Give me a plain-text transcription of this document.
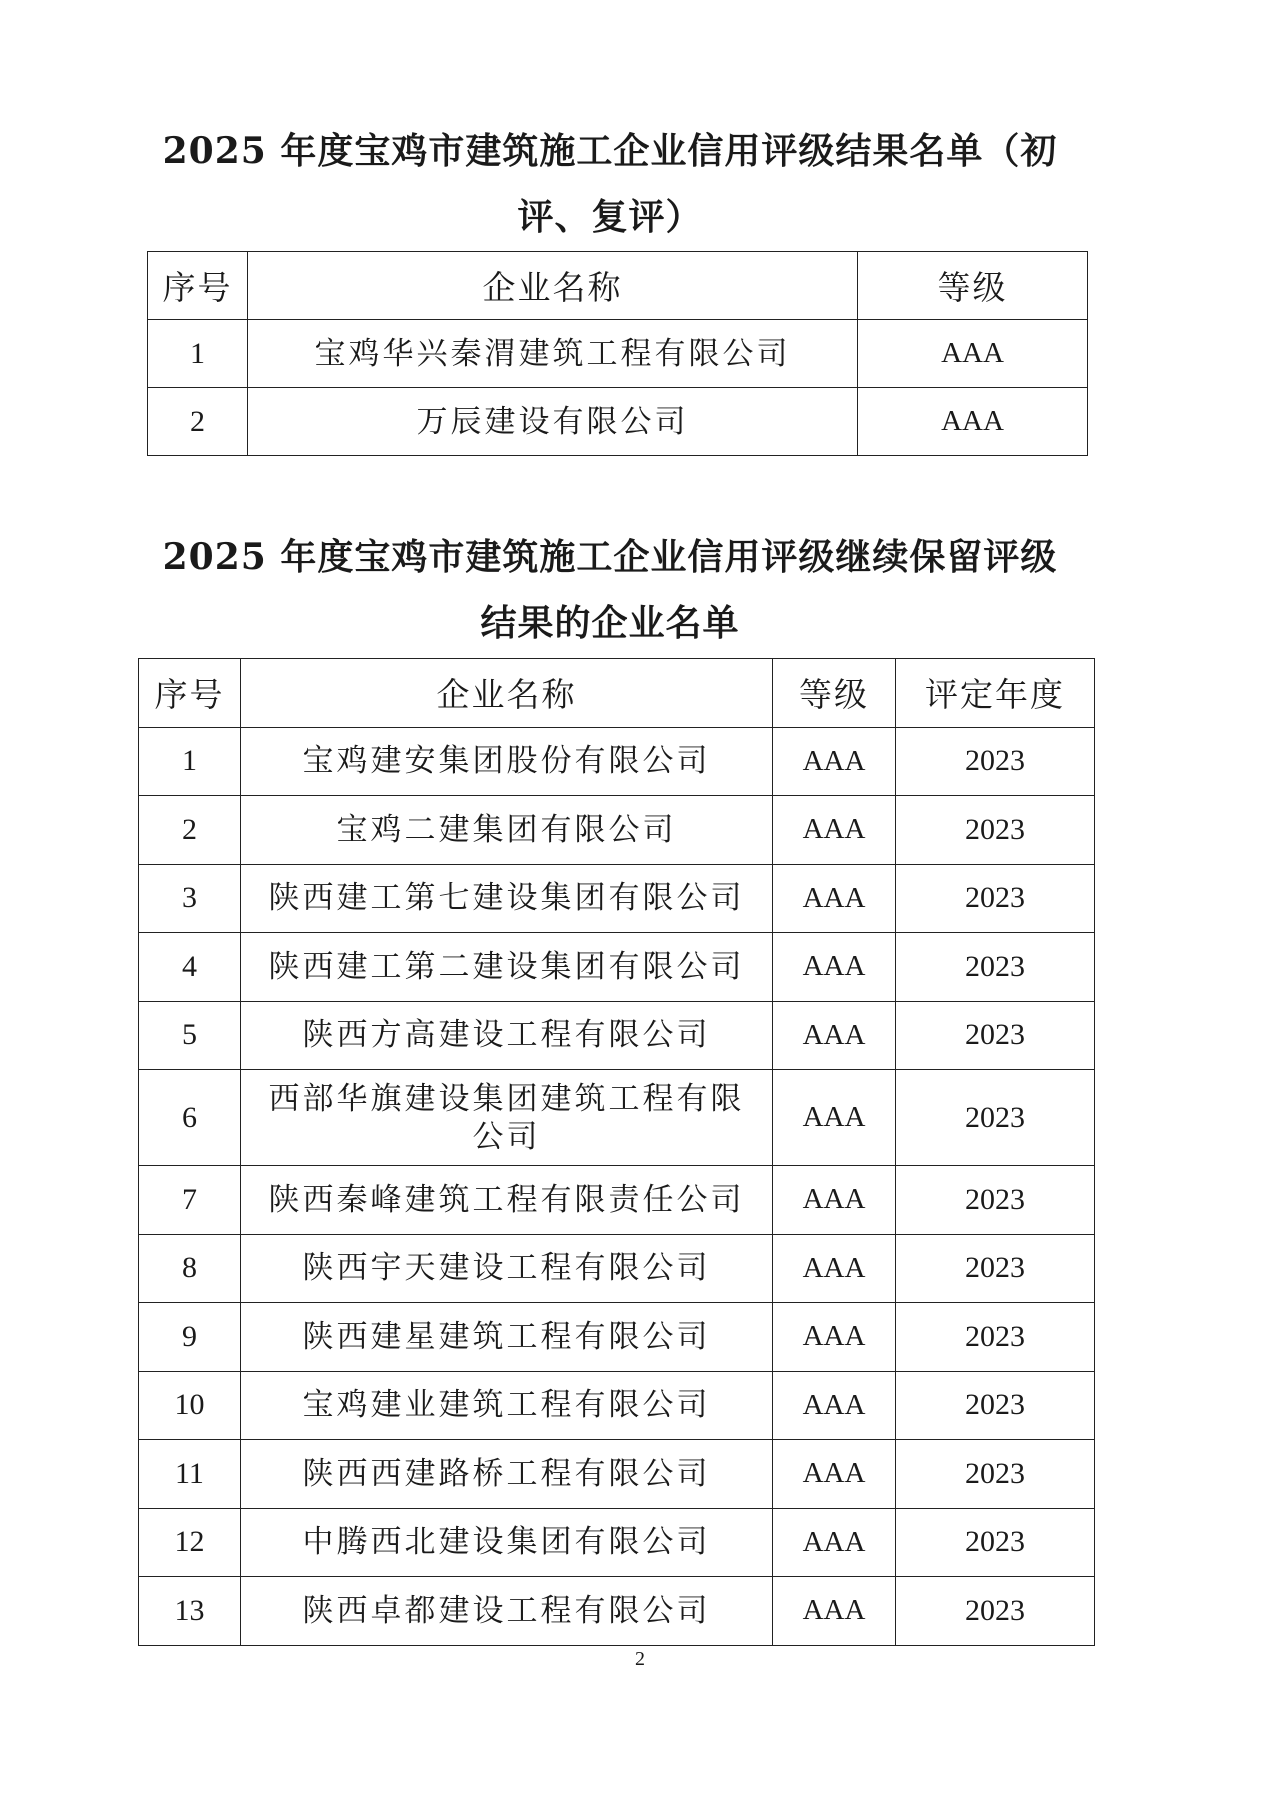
2025 年度宝鸡市建筑施工企业信用评级结果名单（初
评、复评）
序号	企业名称	等级
1	宝鸡华兴秦渭建筑工程有限公司	AAA
2	万辰建设有限公司	AAA
2025 年度宝鸡市建筑施工企业信用评级继续保留评级
结果的企业名单
序号	企业名称	等级	评定年度
1	宝鸡建安集团股份有限公司	AAA	2023
2	宝鸡二建集团有限公司	AAA	2023
3	陕西建工第七建设集团有限公司	AAA	2023
4	陕西建工第二建设集团有限公司	AAA	2023
5	陕西方高建设工程有限公司	AAA	2023
6	西部华旗建设集团建筑工程有限
公司	AAA	2023
7	陕西秦峰建筑工程有限责任公司	AAA	2023
8	陕西宇天建设工程有限公司	AAA	2023
9	陕西建星建筑工程有限公司	AAA	2023
10	宝鸡建业建筑工程有限公司	AAA	2023
11	陕西西建路桥工程有限公司	AAA	2023
12	中腾西北建设集团有限公司	AAA	2023
13	陕西卓都建设工程有限公司	AAA	2023
2
